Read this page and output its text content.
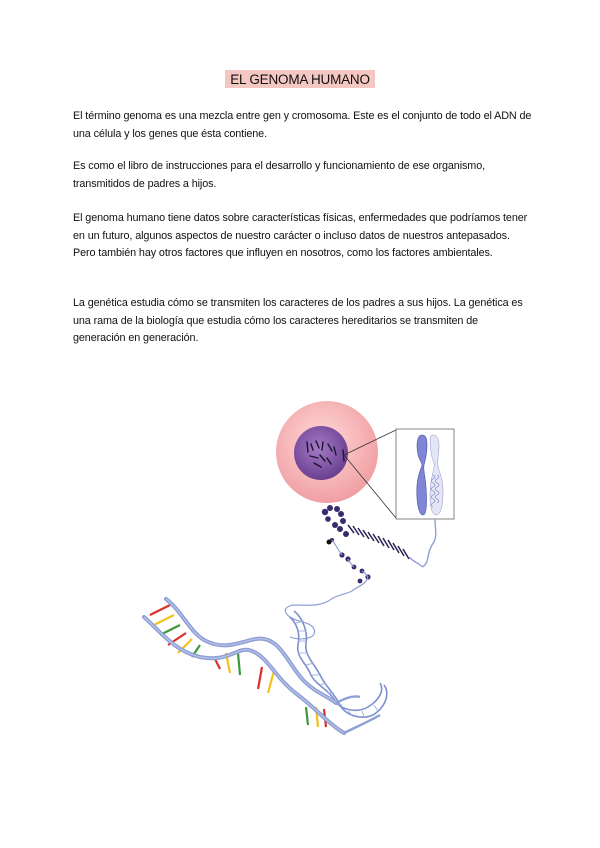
EL GENOMA HUMANO

El término genoma es una mezcla entre gen y cromosoma. Este es el conjunto de todo el ADN de una célula y los genes que ésta contiene.

Es como el libro de instrucciones para el desarrollo y funcionamiento de ese organismo, transmitidos de padres a hijos.

El genoma humano tiene datos sobre características físicas, enfermedades que podríamos tener en un futuro, algunos aspectos de nuestro carácter o incluso datos de nuestros antepasados. Pero también hay otros factores que influyen en nosotros, como los factores ambientales.

La genética estudia cómo se transmiten los caracteres de los padres a sus hijos. La genética es una rama de la biología que estudia cómo los caracteres hereditarios se transmiten de generación en generación.
